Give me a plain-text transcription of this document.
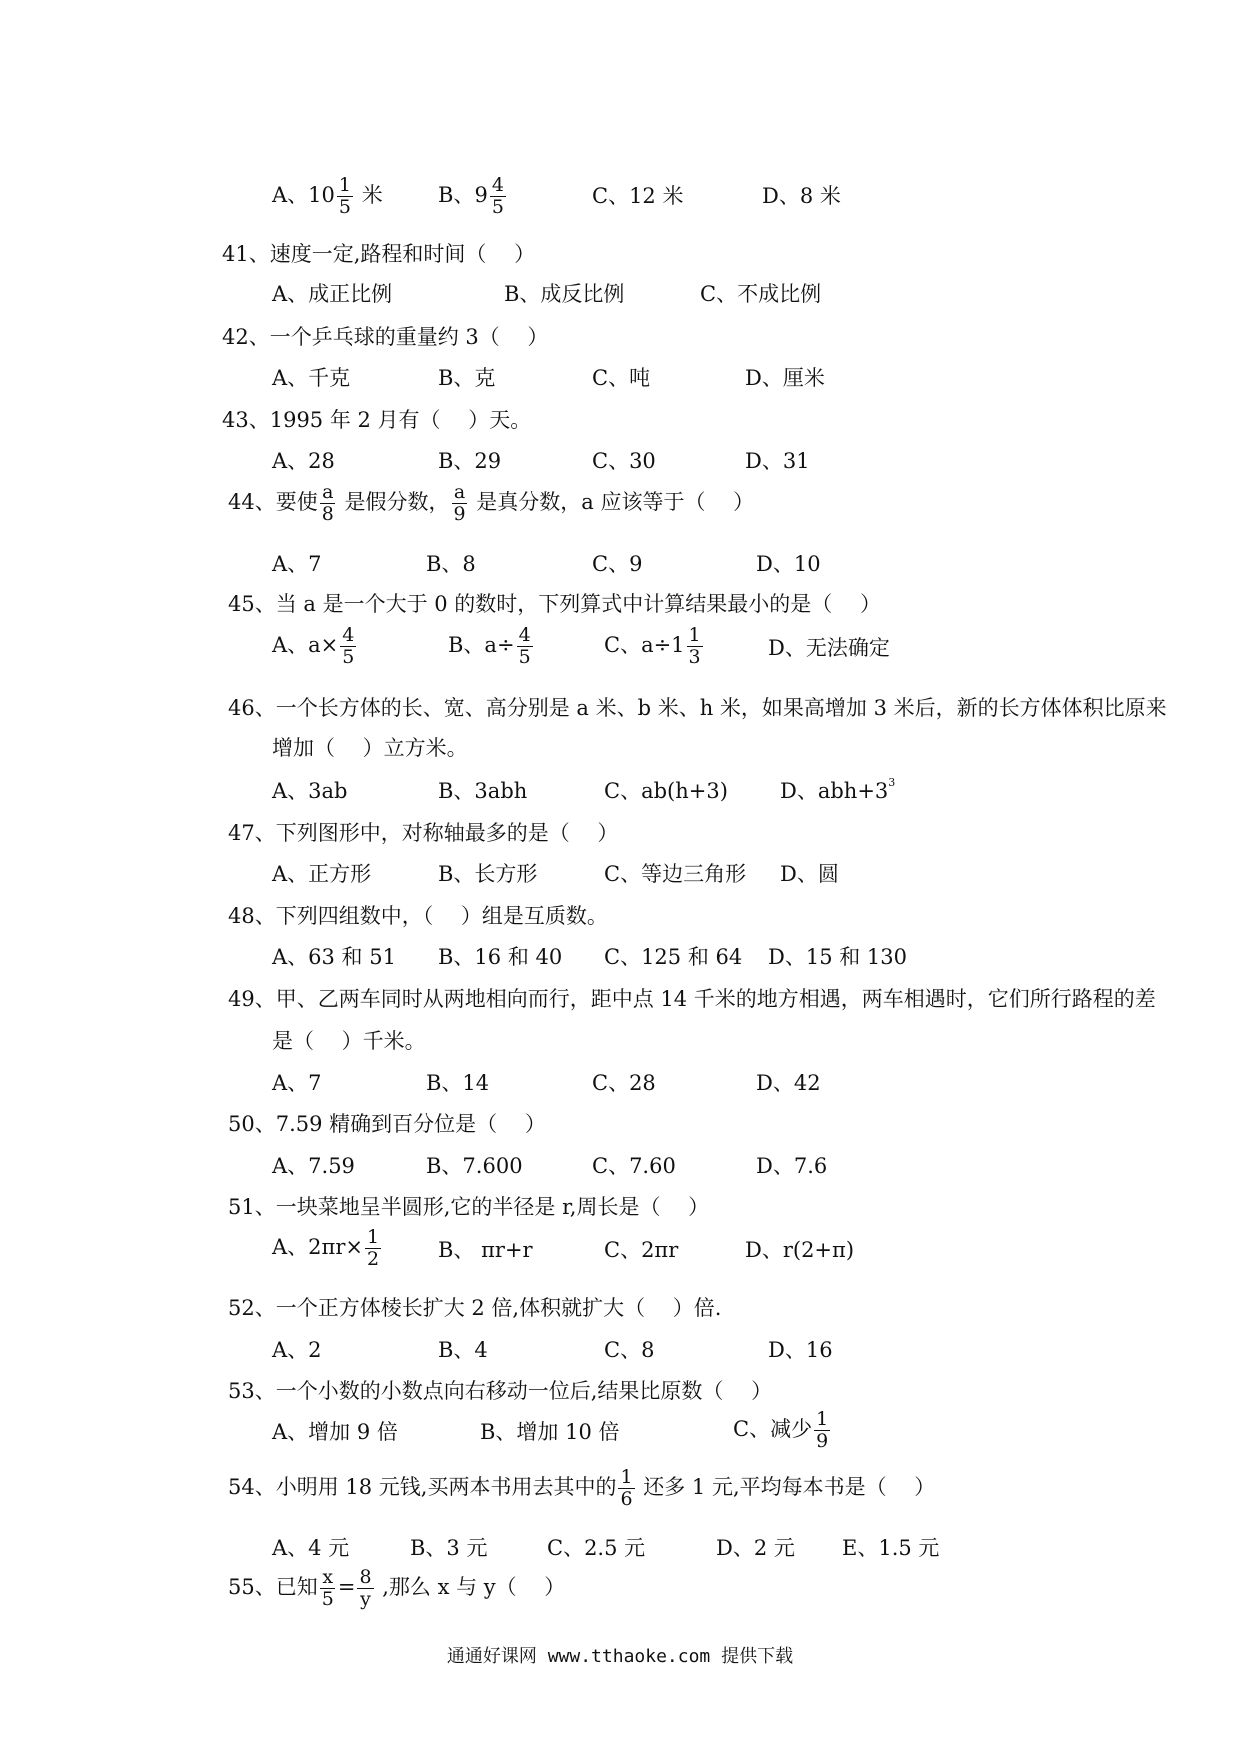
A、$10 \frac{1}{5}$ 米	B、$9 \frac{4}{5}$	C、12 米	D、8 米
41、速度一定,路程和时间（　 ）
A、成正比例	B、成反比例	C、不成比例
42、一个乒乓球的重量约 3（　 ）
A、千克	B、克	C、吨	D、厘米
43、1995 年 2 月有（　 ）天。
A、28	B、29	C、30	D、31
44、要使 $\frac{a}{8}$ 是假分数， $\frac{a}{9}$ 是真分数，a 应该等于（　 ）
A、7	B、8	C、9	D、10
45、当 a 是一个大于 0 的数时，下列算式中计算结果最小的是（　 ）
A、$a\times \frac{4}{5}$	B、$a\div \frac{4}{5}$	C、$a\div 1 \frac{1}{3}$	D、无法确定
46、一个长方体的长、宽、高分别是 a 米、b 米、h 米，如果高增加 3 米后，新的长方体体积比原来
增加（　 ）立方米。
A、3ab	B、3abh	C、ab(h+3) D、$abh+3^3$
47、下列图形中，对称轴最多的是（　 ）
A、正方形	B、长方形	C、等边三角形 D、圆
48、下列四组数中，（　 ）组是互质数。
A、63 和 51 B、16 和 40 C、125 和 64 D、15 和 130
49、甲、乙两车同时从两地相向而行，距中点 14 千米的地方相遇，两车相遇时，它们所行路程的差
是（　 ）千米。
A、7	B、14	C、28	D、42
50、7.59 精确到百分位是（　 ）
A、7.59	B、7.600	C、7.60	D、7.6
51、一块菜地呈半圆形,它的半径是 r,周长是（　 ）
A、$2\pi r\times \frac{1}{2}$	B、 πr+r	C、2πr	D、r(2+π)
52、一个正方体棱长扩大 2 倍,体积就扩大（　 ）倍.
A、2	B、4	C、8	D、16
53、一个小数的小数点向右移动一位后,结果比原数（　 ）
A、增加 9 倍	B、增加 10 倍	C、减少 $\frac{1}{9}$
54、小明用 18 元钱,买两本书用去其中的 $\frac{1}{6}$ 还多 1 元,平均每本书是（　 ）
A、4 元	B、3 元	C、2.5 元	D、2 元 E、1.5 元
55、已知 $\frac{x}{5} = \frac{8}{y}$ ,那么 x 与 y（　 ）
通通好课网 www.tthaoke.com 提供下载
